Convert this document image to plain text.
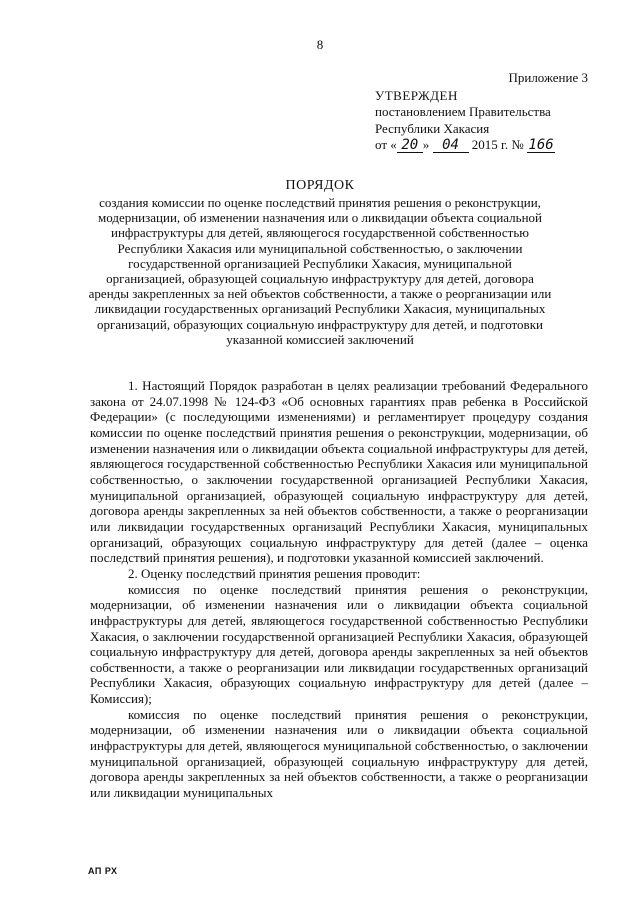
8
Приложение 3
УТВЕРЖДЕН
постановлением Правительства
Республики Хакасия
от « 20 » 04 2015 г. № 166
ПОРЯДОК
создания комиссии по оценке последствий принятия решения о реконструкции, модернизации, об изменении назначения или о ликвидации объекта социальной инфраструктуры для детей, являющегося государственной собственностью Республики Хакасия или муниципальной собственностью, о заключении государственной организацией Республики Хакасия, муниципальной организацией, образующей социальную инфраструктуру для детей, договора аренды закрепленных за ней объектов собственности, а также о реорганизации или ликвидации государственных организаций Республики Хакасия, муниципальных организаций, образующих социальную инфраструктуру для детей, и подготовки указанной комиссией заключений

1. Настоящий Порядок разработан в целях реализации требований Федерального закона от 24.07.1998 № 124-ФЗ «Об основных гарантиях прав ребенка в Российской Федерации» (с последующими изменениями) и регламентирует процедуру создания комиссии по оценке последствий принятия решения о реконструкции, модернизации, об изменении назначения или о ликвидации объекта социальной инфраструктуры для детей, являющегося государственной собственностью Республики Хакасия или муниципальной собственностью, о заключении государственной организацией Республики Хакасия, муниципальной организацией, образующей социальную инфраструктуру для детей, договора аренды закрепленных за ней объектов собственности, а также о реорганизации или ликвидации государственных организаций Республики Хакасия, муниципальных организаций, образующих социальную инфраструктуру для детей (далее – оценка последствий принятия решения), и подготовки указанной комиссией заключений.

2. Оценку последствий принятия решения проводит:

комиссия по оценке последствий принятия решения о реконструкции, модернизации, об изменении назначения или о ликвидации объекта социальной инфраструктуры для детей, являющегося государственной собственностью Республики Хакасия, о заключении государственной организацией Республики Хакасия, образующей социальную инфраструктуру для детей, договора аренды закрепленных за ней объектов собственности, а также о реорганизации или ликвидации государственных организаций Республики Хакасия, образующих социальную инфраструктуру для детей (далее – Комиссия);

комиссия по оценке последствий принятия решения о реконструкции, модернизации, об изменении назначения или о ликвидации объекта социальной инфраструктуры для детей, являющегося муниципальной собственностью, о заключении муниципальной организацией, образующей социальную инфраструктуру для детей, договора аренды закрепленных за ней объектов собственности, а также о реорганизации или ликвидации муниципальных

АП РХ
